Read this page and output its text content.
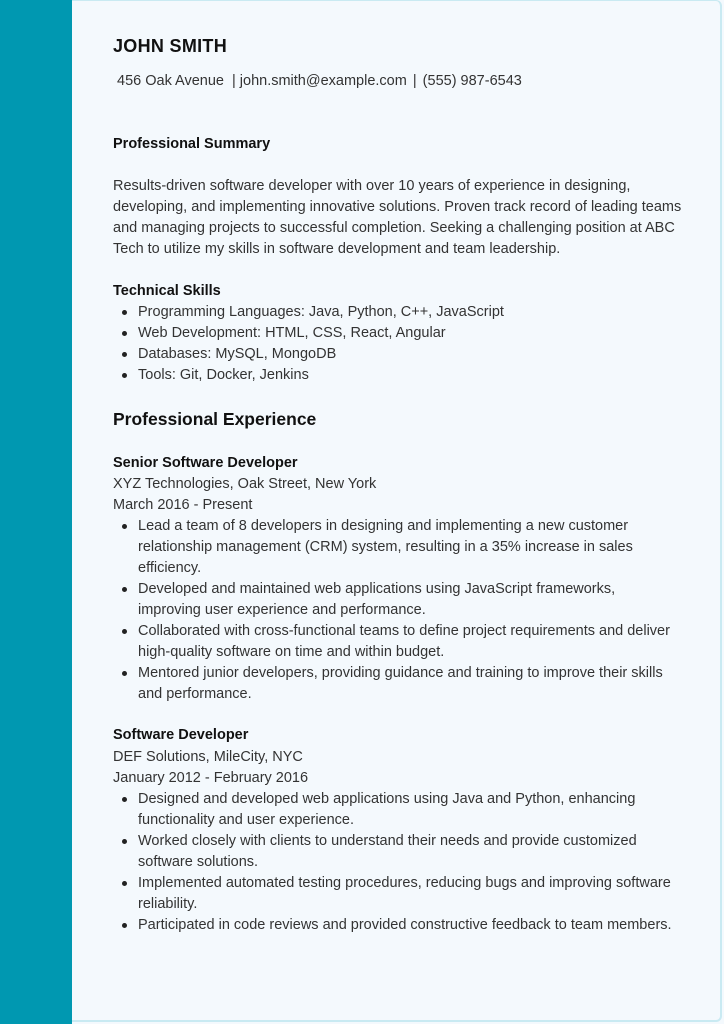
JOHN SMITH
456 Oak Avenue | john.smith@example.com | (555) 987-6543
Professional Summary
Results-driven software developer with over 10 years of experience in designing, developing, and implementing innovative solutions. Proven track record of leading teams and managing projects to successful completion. Seeking a challenging position at ABC Tech to utilize my skills in software development and team leadership.
Technical Skills
Programming Languages: Java, Python, C++, JavaScript
Web Development: HTML, CSS, React, Angular
Databases: MySQL, MongoDB
Tools: Git, Docker, Jenkins
Professional Experience
Senior Software Developer
XYZ Technologies, Oak Street, New York
March 2016 - Present
Lead a team of 8 developers in designing and implementing a new customer relationship management (CRM) system, resulting in a 35% increase in sales efficiency.
Developed and maintained web applications using JavaScript frameworks, improving user experience and performance.
Collaborated with cross-functional teams to define project requirements and deliver high-quality software on time and within budget.
Mentored junior developers, providing guidance and training to improve their skills and performance.
Software Developer
DEF Solutions, MileCity, NYC
January 2012 - February 2016
Designed and developed web applications using Java and Python, enhancing functionality and user experience.
Worked closely with clients to understand their needs and provide customized software solutions.
Implemented automated testing procedures, reducing bugs and improving software reliability.
Participated in code reviews and provided constructive feedback to team members.
